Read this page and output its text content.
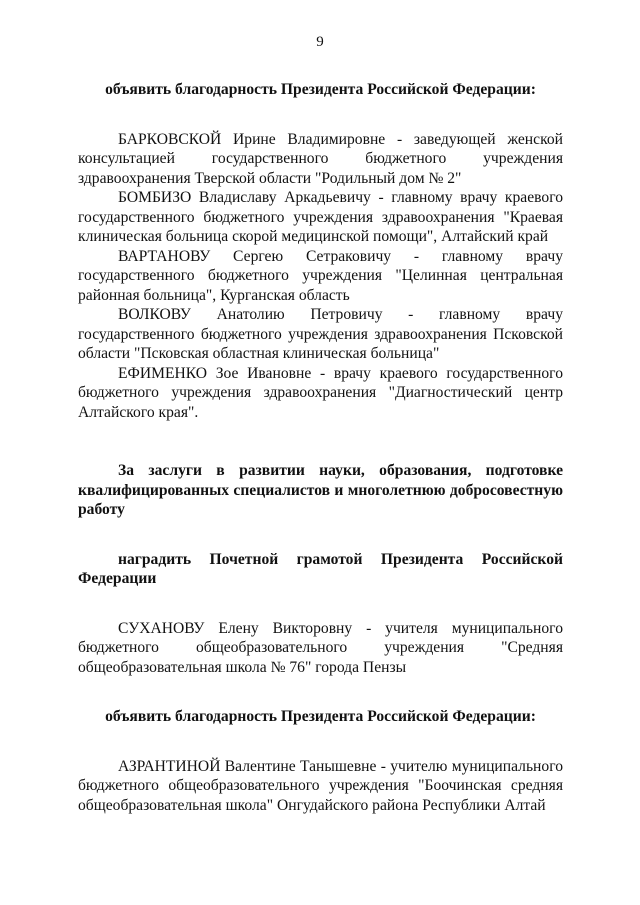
9

объявить благодарность Президента Российской Федерации:

БАРКОВСКОЙ Ирине Владимировне - заведующей женской консультацией государственного бюджетного учреждения здравоохранения Тверской области "Родильный дом № 2"

БОМБИЗО Владиславу Аркадьевичу - главному врачу краевого государственного бюджетного учреждения здравоохранения "Краевая клиническая больница скорой медицинской помощи", Алтайский край

ВАРТАНОВУ Сергею Сетраковичу - главному врачу государственного бюджетного учреждения "Целинная центральная районная больница", Курганская область

ВОЛКОВУ Анатолию Петровичу - главному врачу государственного бюджетного учреждения здравоохранения Псковской области "Псковская областная клиническая больница"

ЕФИМЕНКО Зое Ивановне - врачу краевого государственного бюджетного учреждения здравоохранения "Диагностический центр Алтайского края".

За заслуги в развитии науки, образования, подготовке квалифицированных специалистов и многолетнюю добросовестную работу

наградить Почетной грамотой Президента Российской Федерации

СУХАНОВУ Елену Викторовну - учителя муниципального бюджетного общеобразовательного учреждения "Средняя общеобразовательная школа № 76" города Пензы

объявить благодарность Президента Российской Федерации:

АЗРАНТИНОЙ Валентине Танышевне - учителю муниципального бюджетного общеобразовательного учреждения "Боочинская средняя общеобразовательная школа" Онгудайского района Республики Алтай
